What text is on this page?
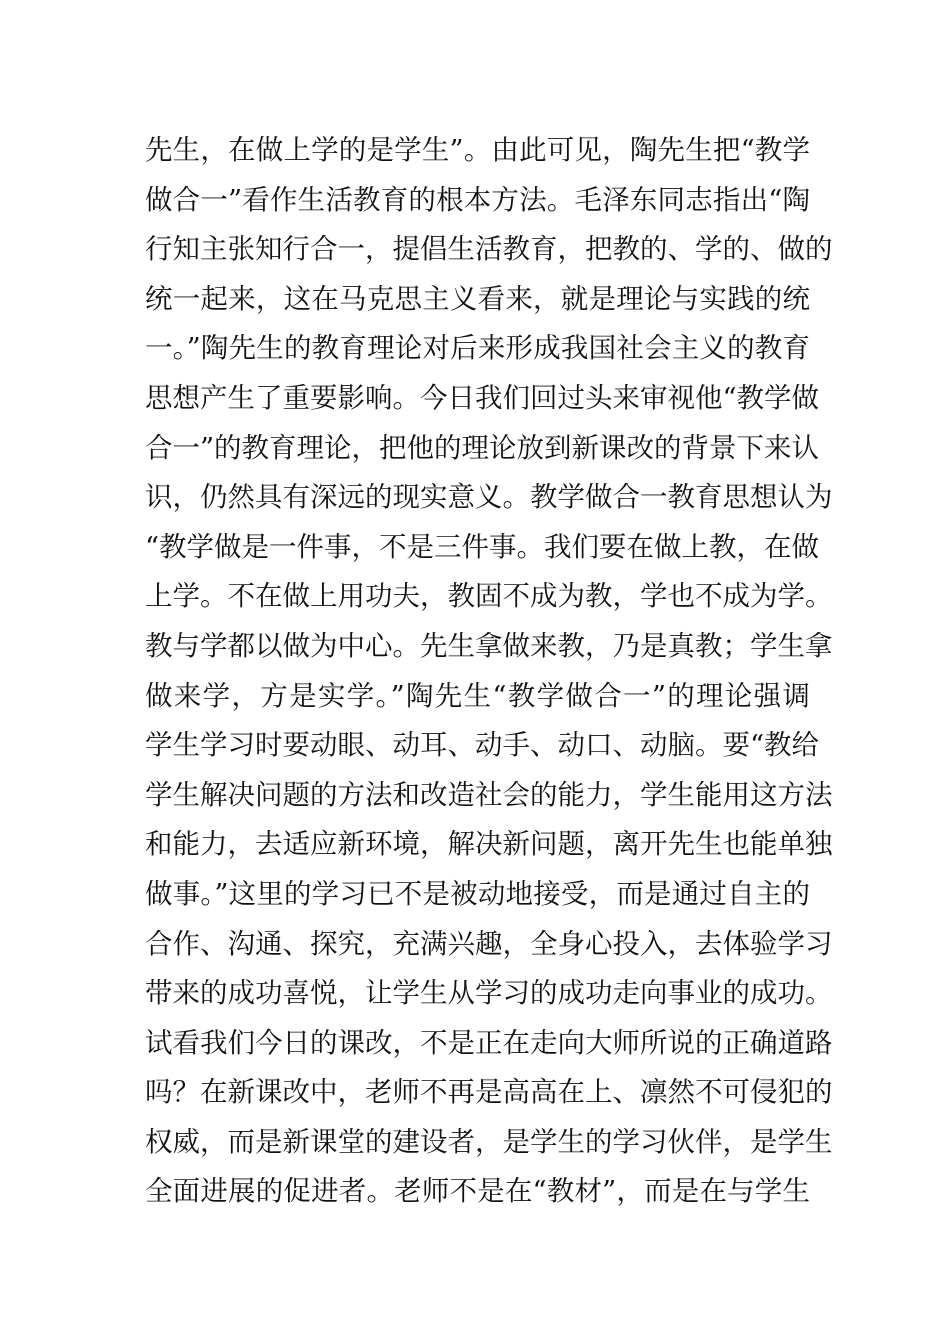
先生，在做上学的是学生”。由此可见，陶先生把“教学
做合一”看作生活教育的根本方法。毛泽东同志指出“陶
行知主张知行合一，提倡生活教育，把教的、学的、做的
统一起来，这在马克思主义看来，就是理论与实践的统
一。”陶先生的教育理论对后来形成我国社会主义的教育
思想产生了重要影响。今日我们回过头来审视他“教学做
合一”的教育理论，把他的理论放到新课改的背景下来认
识，仍然具有深远的现实意义。教学做合一教育思想认为
“教学做是一件事，不是三件事。我们要在做上教，在做
上学。不在做上用功夫，教固不成为教，学也不成为学。
教与学都以做为中心。先生拿做来教，乃是真教；学生拿
做来学，方是实学。”陶先生“教学做合一”的理论强调
学生学习时要动眼、动耳、动手、动口、动脑。要“教给
学生解决问题的方法和改造社会的能力，学生能用这方法
和能力，去适应新环境，解决新问题，离开先生也能单独
做事。”这里的学习已不是被动地接受，而是通过自主的
合作、沟通、探究，充满兴趣，全身心投入，去体验学习
带来的成功喜悦，让学生从学习的成功走向事业的成功。
试看我们今日的课改，不是正在走向大师所说的正确道路
吗？在新课改中，老师不再是高高在上、凛然不可侵犯的
权威，而是新课堂的建设者，是学生的学习伙伴，是学生
全面进展的促进者。老师不是在“教材”，而是在与学生
